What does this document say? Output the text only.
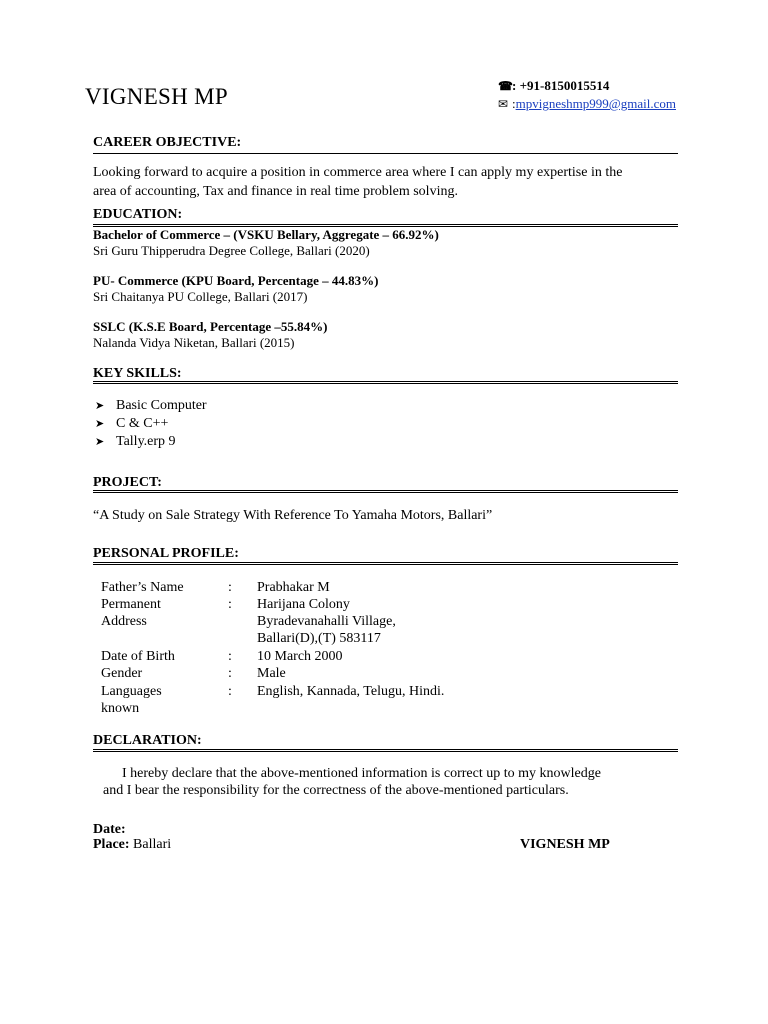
VIGNESH MP	☎: +91-8150015514
✉ :mpvigneshmp999@gmail.com
CAREER OBJECTIVE:
Looking forward to acquire a position in commerce area where I can apply my expertise in the
area of accounting, Tax and finance in real time problem solving.
EDUCATION:
Bachelor of Commerce – (VSKU Bellary, Aggregate – 66.92%)
Sri Guru Thipperudra Degree College, Ballari (2020)
PU- Commerce (KPU Board, Percentage – 44.83%)
Sri Chaitanya PU College, Ballari (2017)
SSLC (K.S.E Board, Percentage –55.84%)
Nalanda Vidya Niketan, Ballari (2015)
KEY SKILLS:
➤ Basic Computer
➤ C & C++
➤ Tally.erp 9
PROJECT:
“A Study on Sale Strategy With Reference To Yamaha Motors, Ballari”
PERSONAL PROFILE:
Father’s Name	: Prabhakar M
Permanent	: Harijana Colony
Address	Byradevanahalli Village,
Ballari(D),(T) 583117
Date of Birth	: 10 March 2000
Gender	: Male
Languages	: English, Kannada, Telugu, Hindi.
known
DECLARATION:
I hereby declare that the above-mentioned information is correct up to my knowledge
and I bear the responsibility for the correctness of the above-mentioned particulars.
Date:
Place: Ballari	VIGNESH MP
